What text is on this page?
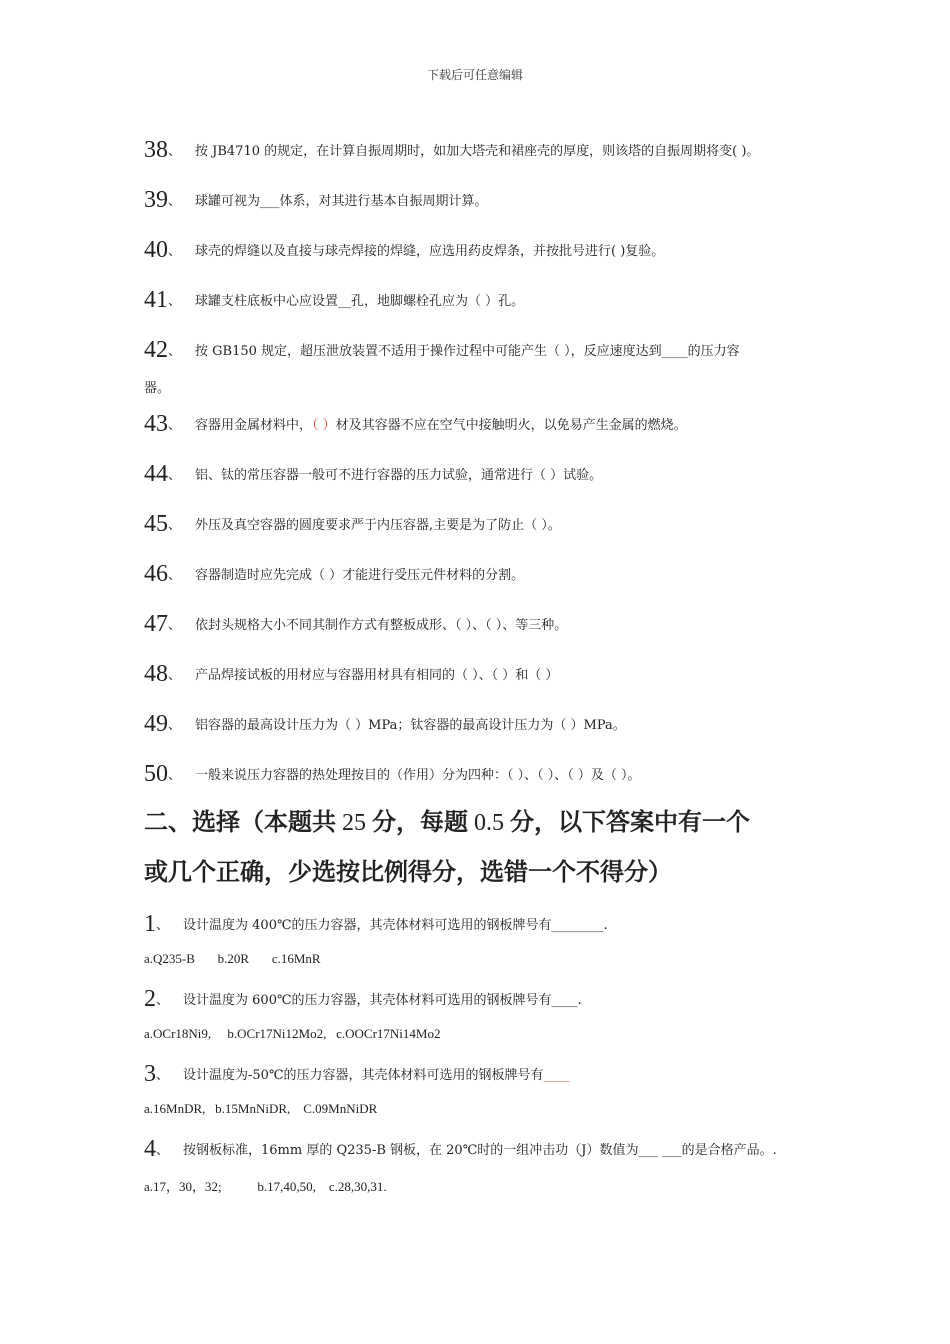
下载后可任意编辑
38、 按 JB4710 的规定，在计算自振周期时，如加大塔壳和裙座壳的厚度，则该塔的自振周期将变( )。
39、 球罐可视为___体系，对其进行基本自振周期计算。
40、 球壳的焊缝以及直接与球壳焊接的焊缝，应选用药皮焊条，并按批号进行( )复验。
41、 球罐支柱底板中心应设置__孔，地脚螺栓孔应为（ ）孔。
42、 按 GB150 规定，超压泄放装置不适用于操作过程中可能产生（ ），反应速度达到____的压力容
器。
43、 容器用金属材料中，（ ）材及其容器不应在空气中接触明火，以免易产生金属的燃烧。
44、 铝、钛的常压容器一般可不进行容器的压力试验，通常进行（ ）试验。
45、 外压及真空容器的圆度要求严于内压容器,主要是为了防止（ ）。
46、 容器制造时应先完成（ ）才能进行受压元件材料的分割。
47、 依封头规格大小不同其制作方式有整板成形、（ ）、（ ）、等三种。
48、 产品焊接试板的用材应与容器用材具有相同的（ ）、（ ）和（ ）
49、 铝容器的最高设计压力为（ ）MPa；钛容器的最高设计压力为（ ）MPa。
50、 一般来说压力容器的热处理按目的（作用）分为四种：（ ）、（ ）、（ ）及（ ）。
二、选择（本题共 25 分，每题 0.5 分，以下答案中有一个
或几个正确，少选按比例得分，选错一个不得分）
1、 设计温度为 400℃的压力容器，其壳体材料可选用的钢板牌号有________.
a.Q235-B       b.20R       c.16MnR
2、 设计温度为 600℃的压力容器，其壳体材料可选用的钢板牌号有____.
a.OCr18Ni9,     b.OCr17Ni12Mo2,   c.OOCr17Ni14Mo2
3、 设计温度为-50℃的压力容器，其壳体材料可选用的钢板牌号有____
a.16MnDR,   b.15MnNiDR,    C.09MnNiDR
4、 按钢板标准，16mm 厚的 Q235-B 钢板，在 20℃时的一组冲击功（J）数值为___ ___的是合格产品。.
a.17，30，32;           b.17,40,50,    c.28,30,31.
